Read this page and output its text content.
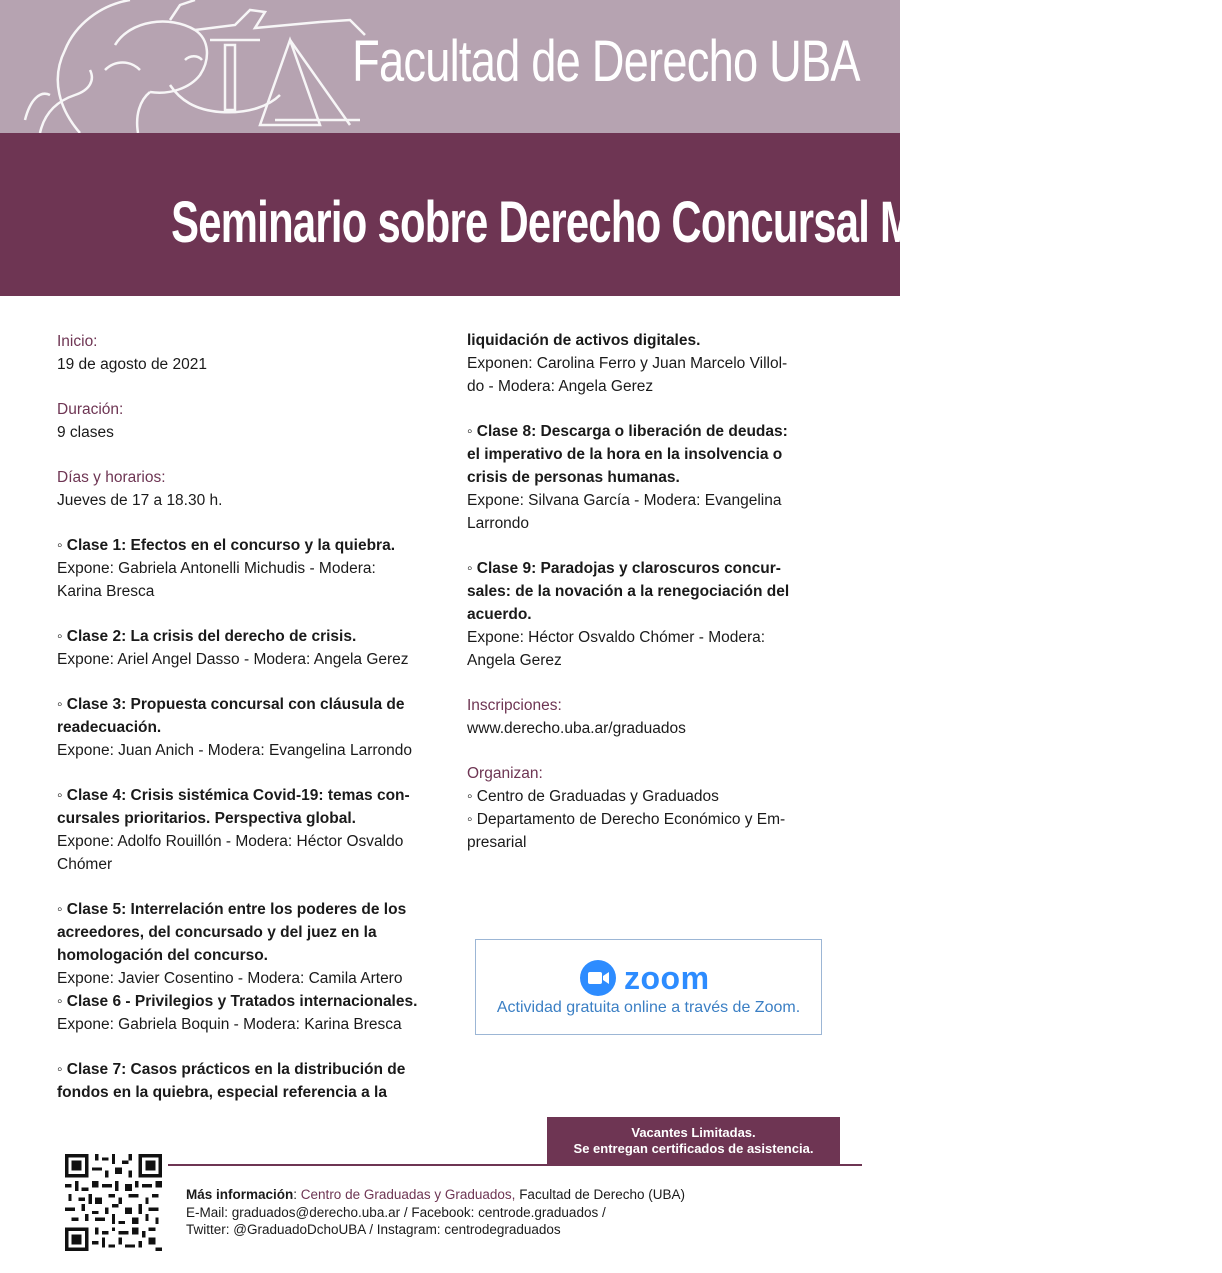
Facultad de Derecho UBA
Seminario sobre Derecho Concursal Moderno
Inicio:
19 de agosto de 2021
Duración:
9 clases
Días y horarios:
Jueves de 17 a 18.30 h.
◦ Clase 1: Efectos en el concurso y la quiebra.
Expone: Gabriela Antonelli Michudis - Modera:
Karina Bresca
◦ Clase 2: La crisis del derecho de crisis.
Expone: Ariel Angel Dasso - Modera: Angela Gerez
◦ Clase 3: Propuesta concursal con cláusula de
readecuación.
Expone: Juan Anich - Modera: Evangelina Larrondo
◦ Clase 4: Crisis sistémica Covid-19: temas con-
cursales prioritarios. Perspectiva global.
Expone: Adolfo Rouillón - Modera: Héctor Osvaldo
Chómer
◦ Clase 5: Interrelación entre los poderes de los
acreedores, del concursado y del juez en la
homologación del concurso.
Expone: Javier Cosentino - Modera: Camila Artero
◦ Clase 6 - Privilegios y Tratados internacionales.
Expone: Gabriela Boquin - Modera: Karina Bresca
◦ Clase 7: Casos prácticos en la distribución de
fondos en la quiebra, especial referencia a la
liquidación de activos digitales.
Exponen: Carolina Ferro y Juan Marcelo Villol-
do - Modera: Angela Gerez
◦ Clase 8: Descarga o liberación de deudas:
el imperativo de la hora en la insolvencia o
crisis de personas humanas.
Expone: Silvana García - Modera: Evangelina
Larrondo
◦ Clase 9: Paradojas y claroscuros concur-
sales: de la novación a la renegociación del
acuerdo.
Expone: Héctor Osvaldo Chómer - Modera:
Angela Gerez
Inscripciones:
www.derecho.uba.ar/graduados
Organizan:
◦ Centro de Graduadas y Graduados
◦ Departamento de Derecho Económico y Em-
presarial
zoom
Actividad gratuita online a través de Zoom.
Vacantes Limitadas.
Se entregan certificados de asistencia.
Más información: Centro de Graduadas y Graduados, Facultad de Derecho (UBA)
E-Mail: graduados@derecho.uba.ar / Facebook: centrode.graduados /
Twitter: @GraduadoDchoUBA / Instagram: centrodegraduados
